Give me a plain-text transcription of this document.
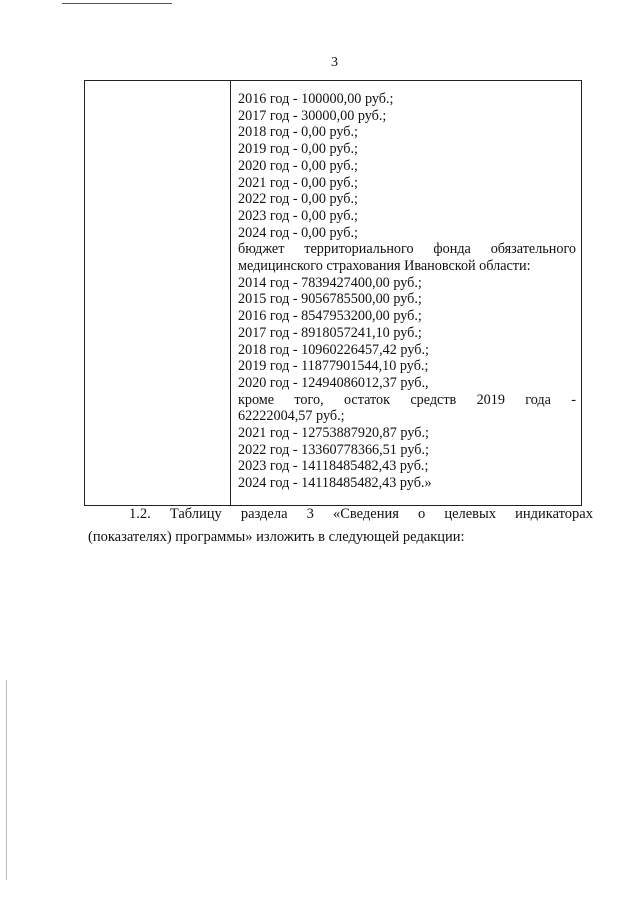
3
2016 год - 100000,00 руб.;
2017 год - 30000,00 руб.;
2018 год - 0,00 руб.;
2019 год - 0,00 руб.;
2020 год - 0,00 руб.;
2021 год - 0,00 руб.;
2022 год - 0,00 руб.;
2023 год - 0,00 руб.;
2024 год - 0,00 руб.;
бюджет территориального фонда обязательного
медицинского страхования Ивановской области:
2014 год - 7839427400,00 руб.;
2015 год - 9056785500,00 руб.;
2016 год - 8547953200,00 руб.;
2017 год - 8918057241,10 руб.;
2018 год - 10960226457,42 руб.;
2019 год - 11877901544,10 руб.;
2020 год - 12494086012,37 руб.,
кроме того, остаток средств 2019 года -
62222004,57 руб.;
2021 год - 12753887920,87 руб.;
2022 год - 13360778366,51 руб.;
2023 год - 14118485482,43 руб.;
2024 год - 14118485482,43 руб.»
1.2. Таблицу раздела 3 «Сведения о целевых индикаторах
(показателях) программы» изложить в следующей редакции:
